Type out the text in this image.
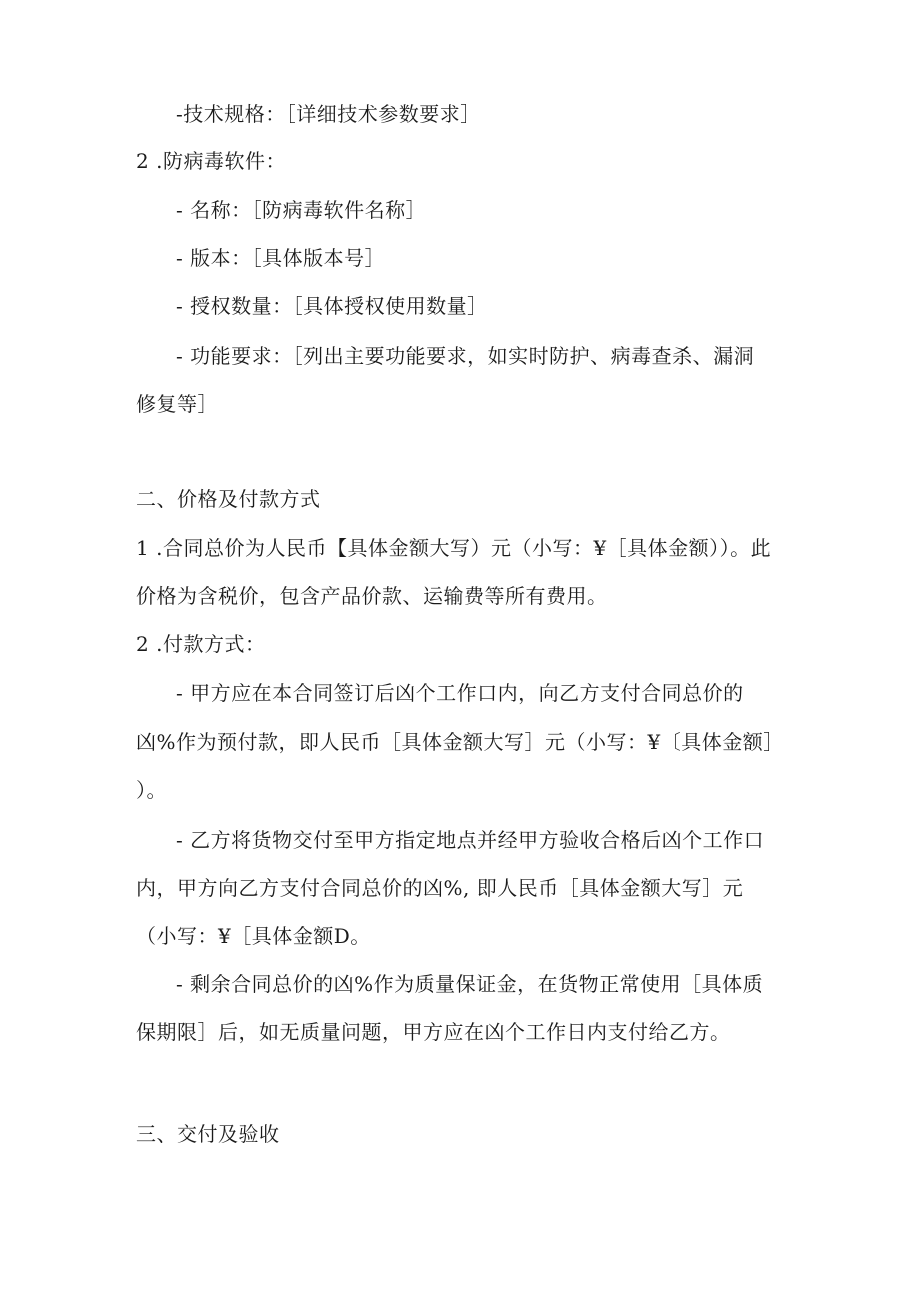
-技术规格：［详细技术参数要求］
2 .防病毒软件：
- 名称：［防病毒软件名称］
- 版本：［具体版本号］
- 授权数量：［具体授权使用数量］
- 功能要求：［列出主要功能要求，如实时防护、病毒查杀、漏洞
修复等］
二、价格及付款方式
1 .合同总价为人民币【具体金额大写）元（小写：¥［具体金额））。此
价格为含税价，包含产品价款、运输费等所有费用。
2 .付款方式：
- 甲方应在本合同签订后凶个工作口内，向乙方支付合同总价的
凶%作为预付款，即人民币［具体金额大写］元（小写：¥〔具体金额］
）。
- 乙方将货物交付至甲方指定地点并经甲方验收合格后凶个工作口
内，甲方向乙方支付合同总价的凶%, 即人民币［具体金额大写］元
（小写：¥［具体金额D。
- 剩余合同总价的凶%作为质量保证金，在货物正常使用［具体质
保期限］后，如无质量问题，甲方应在凶个工作日内支付给乙方。
三、交付及验收
